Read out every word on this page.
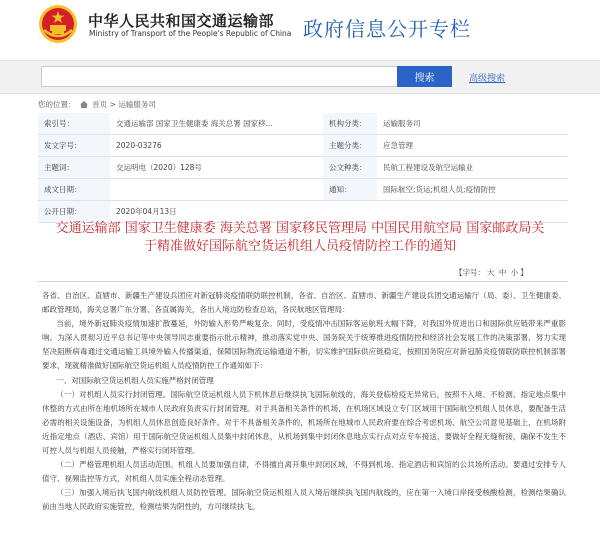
中华人民共和国交通运输部
Ministry of Transport of the People's Republic of China 政府信息公开专栏
搜索	高级搜索
您的位置： 首页 > 运输服务司
索引号：	交通运输部 国家卫生健康委 海关总署 国家移...	机构分类：	运输服务司
发文字号：	2020-03276	主题分类：	应急管理
主题词：	交运明电（2020）128号	公文种类：	民航工程建设及航空运输业
成文日期：		通知：	国际航空;货运;机组人员;疫情防控
公开日期：	2020年04月13日		
交通运输部 国家卫生健康委 海关总署 国家移民管理局 中国民用航空局 国家邮政局关
于精准做好国际航空货运机组人员疫情防控工作的通知
【字号： 大 中 小 】

各省、自治区、直辖市、新疆生产建设兵团应对新冠肺炎疫情联防联控机制，各省、自治区、直辖市、新疆生产建设兵团交通运输厅（局、委）、卫生健康委、邮政管理局，海关总署广东分署、各直属海关，各出入境边防检查总站，各民航地区管理局：

当前，境外新冠肺炎疫情加速扩散蔓延，外防输入形势严峻复杂。同时，受疫情冲击国际客运航班大幅下降，对我国外贸进出口和国际供应链带来严重影响。为深入贯彻习近平总书记等中央领导同志重要指示批示精神，推动落实党中央、国务院关于统筹推进疫情防控和经济社会发展工作的决策部署，努力实现坚决阻断病毒通过交通运输工具境外输入传播渠道，保障国际物流运输通道不断，切实维护国际供应链稳定，按照国务院应对新冠肺炎疫情联防联控机制部署要求，现就精准做好国际航空货运机组人员疫情防控工作通知如下：

一、对国际航空货运机组人员实施严格封闭管理

（一）对机组人员实行封闭管理。国际航空货运机组人员下机休息后继续执飞国际航线的，海关登临检疫无异常后，按照不入境、不检测、指定地点集中休整的方式由所在地机场所在城市人民政府负责实行封闭管理。对于具备相关条件的机场，在机场区域设立专门区域用于国际航空机组人员休息，要配备生活必需的相关设施设备，为机组人员休息创造良好条件。对于不具备相关条件的，机场所在地城市人民政府要在综合考虑机场、航空公司意见基础上，在机场附近指定地点（酒店、宾馆）用于国际航空货运机组人员集中封闭休息，从机场到集中封闭休息地点实行点对点专车接送，要做好全程无缝衔接，确保不发生不可控人员与机组人员接触，严格实行闭环管理。

（二）严格管理机组人员活动范围。机组人员要加强自律，不得擅自离开集中封闭区域，不得到机场、指定酒店和宾馆的公共场所活动。要通过安排专人值守、视频监控等方式，对机组人员实施全程动态管理。

（三）加强入境后执飞国内航线机组人员防控管理。国际航空货运机组人员入境后继续执飞国内航线的，应在第一入境口岸接受核酸检测，检测结果确认前由当地人民政府实施管控，检测结果为阴性的，方可继续执飞。
